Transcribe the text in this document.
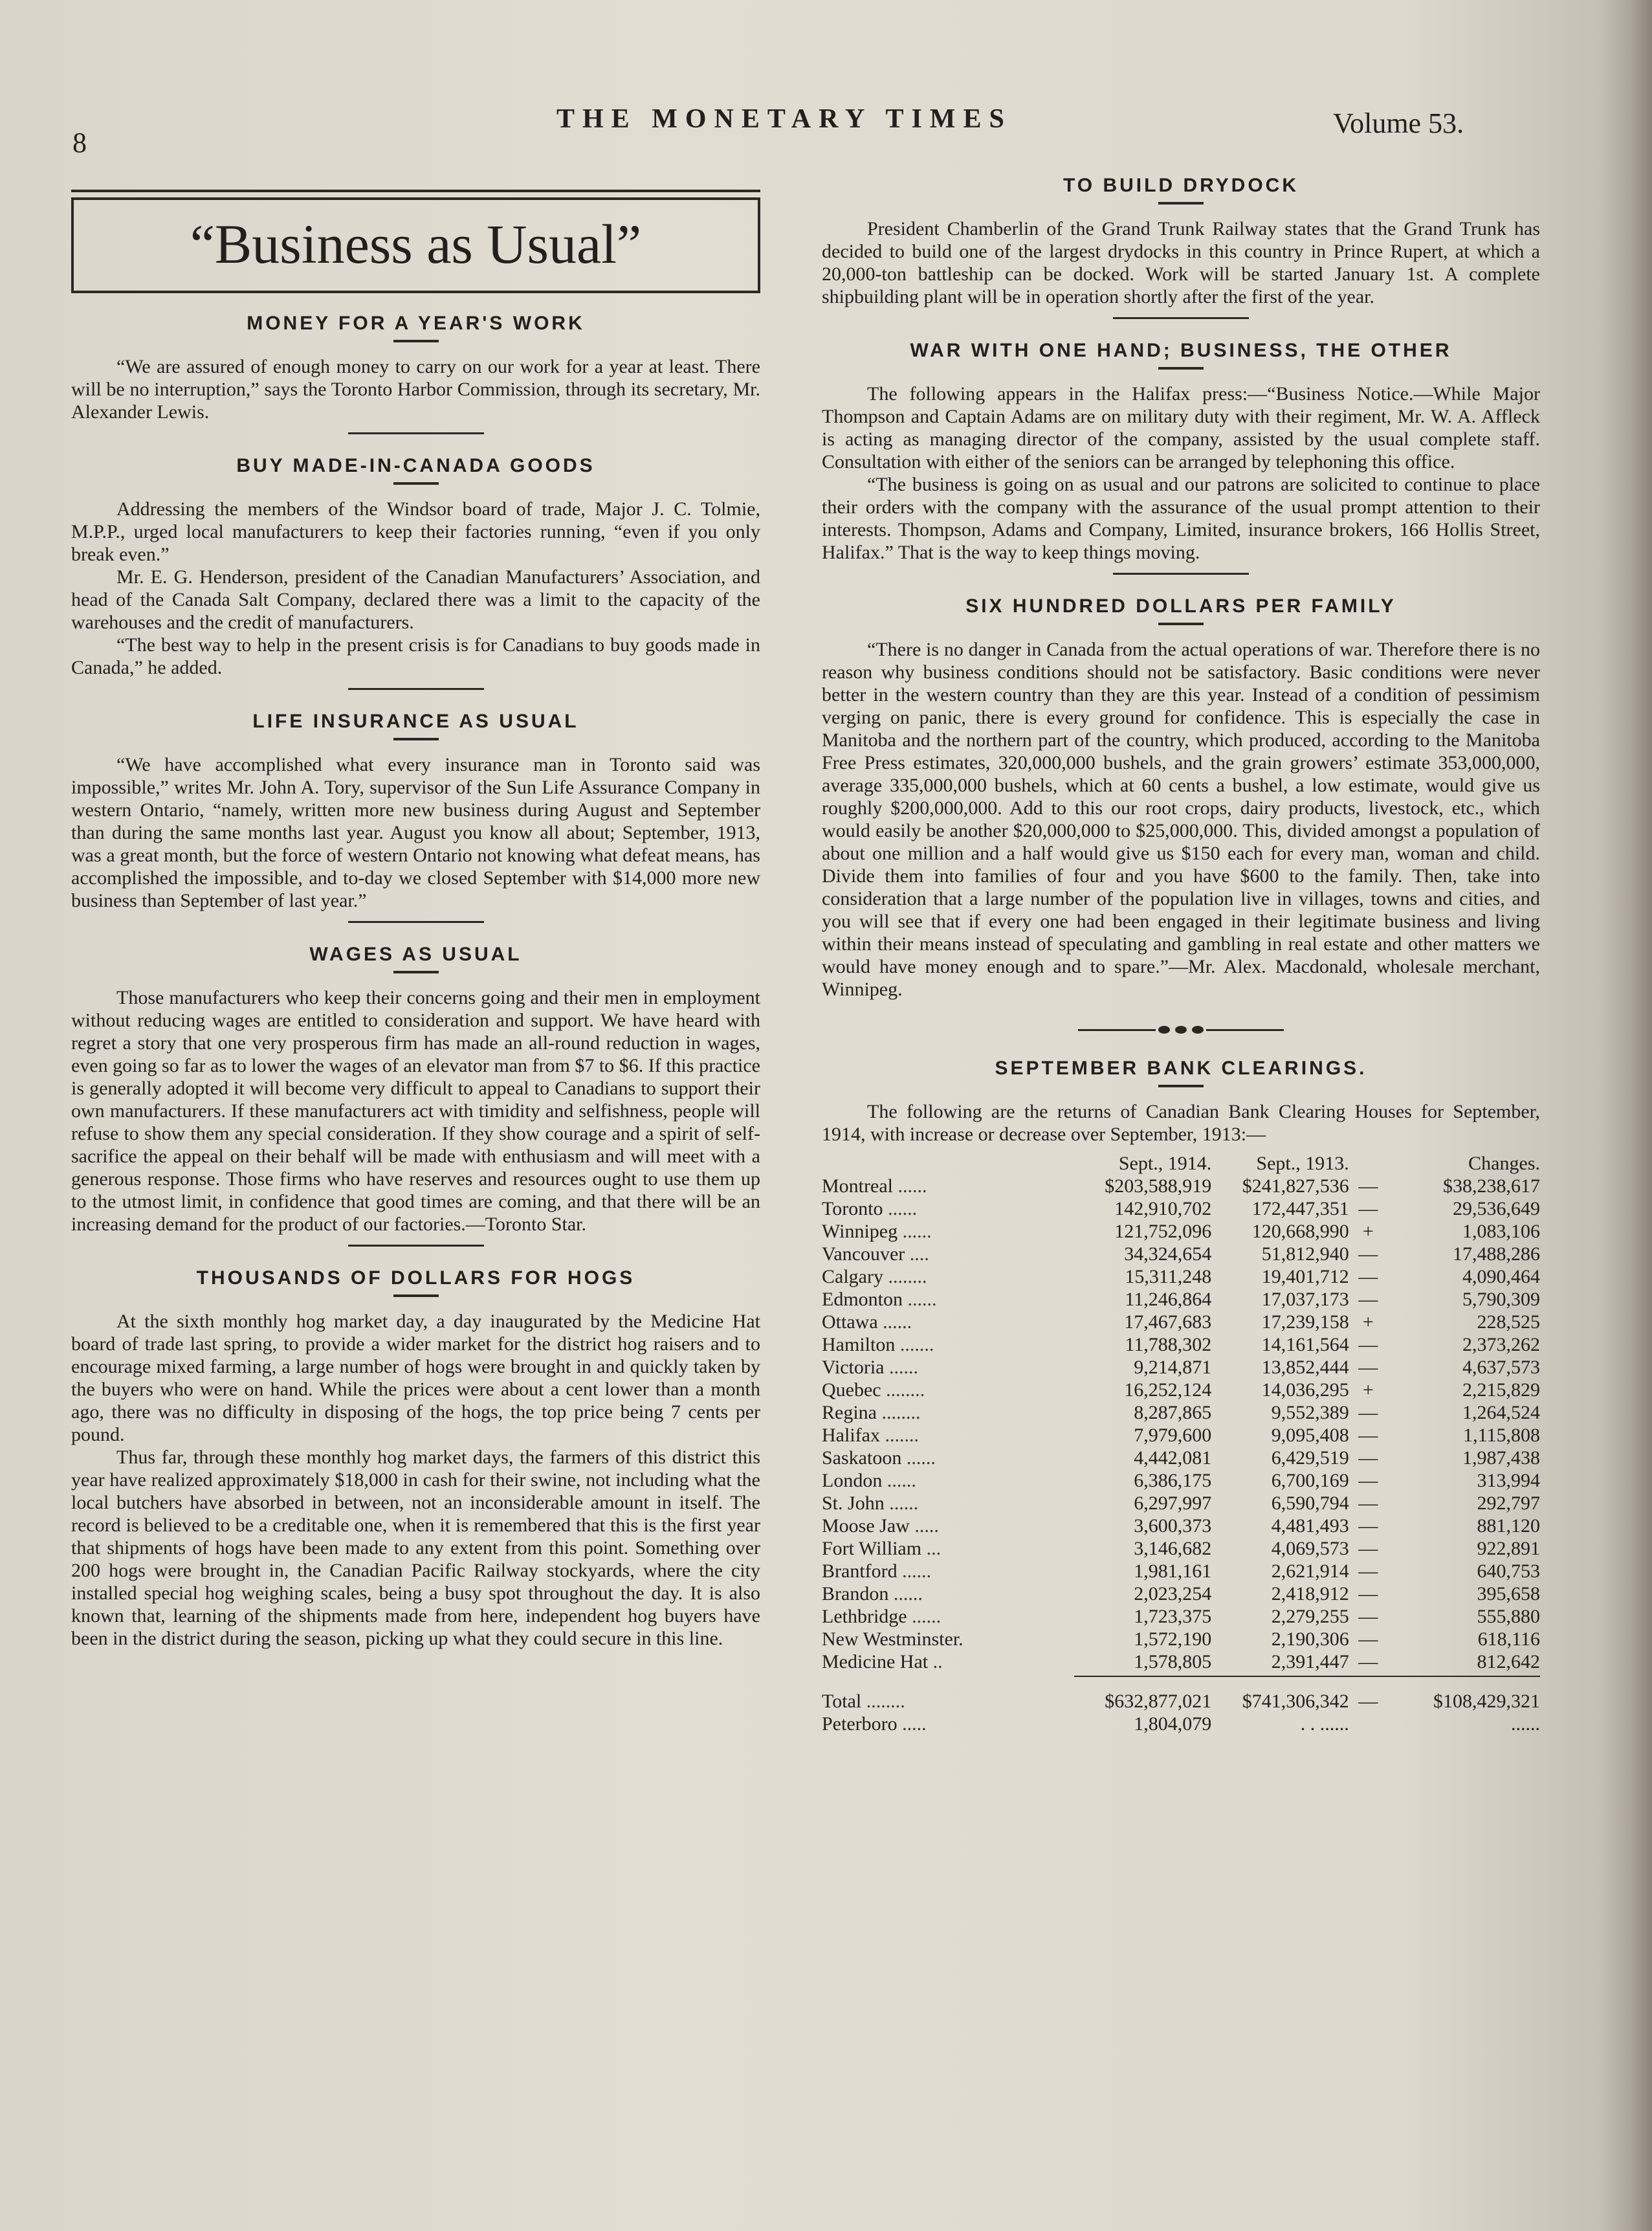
8
THE MONETARY TIMES	Volume 53.
“Business as Usual”
MONEY FOR A YEAR'S WORK

“We are assured of enough money to carry on our work for a year at least. There will be no interruption,” says the Toronto Harbor Commission, through its secretary, Mr. Alexander Lewis.

BUY MADE-IN-CANADA GOODS

Addressing the members of the Windsor board of trade, Major J. C. Tolmie, M.P.P., urged local manufacturers to keep their factories running, “even if you only break even.”

Mr. E. G. Henderson, president of the Canadian Manufacturers’ Association, and head of the Canada Salt Company, declared there was a limit to the capacity of the warehouses and the credit of manufacturers.

“The best way to help in the present crisis is for Canadians to buy goods made in Canada,” he added.

LIFE INSURANCE AS USUAL

“We have accomplished what every insurance man in Toronto said was impossible,” writes Mr. John A. Tory, supervisor of the Sun Life Assurance Company in western Ontario, “namely, written more new business during August and September than during the same months last year. August you know all about; September, 1913, was a great month, but the force of western Ontario not knowing what defeat means, has accomplished the impossible, and to-day we closed September with $14,000 more new business than September of last year.”

WAGES AS USUAL

Those manufacturers who keep their concerns going and their men in employment without reducing wages are entitled to consideration and support. We have heard with regret a story that one very prosperous firm has made an all-round reduction in wages, even going so far as to lower the wages of an elevator man from $7 to $6. If this practice is generally adopted it will become very difficult to appeal to Canadians to support their own manufacturers. If these manufacturers act with timidity and selfishness, people will refuse to show them any special consideration. If they show courage and a spirit of self-sacrifice the appeal on their behalf will be made with enthusiasm and will meet with a generous response. Those firms who have reserves and resources ought to use them up to the utmost limit, in confidence that good times are coming, and that there will be an increasing demand for the product of our factories.—Toronto Star.

THOUSANDS OF DOLLARS FOR HOGS

At the sixth monthly hog market day, a day inaugurated by the Medicine Hat board of trade last spring, to provide a wider market for the district hog raisers and to encourage mixed farming, a large number of hogs were brought in and quickly taken by the buyers who were on hand. While the prices were about a cent lower than a month ago, there was no difficulty in disposing of the hogs, the top price being 7 cents per pound.

Thus far, through these monthly hog market days, the farmers of this district this year have realized approximately $18,000 in cash for their swine, not including what the local butchers have absorbed in between, not an inconsiderable amount in itself. The record is believed to be a creditable one, when it is remembered that this is the first year that shipments of hogs have been made to any extent from this point. Something over 200 hogs were brought in, the Canadian Pacific Railway stockyards, where the city installed special hog weighing scales, being a busy spot throughout the day. It is also known that, learning of the shipments made from here, independent hog buyers have been in the district during the season, picking up what they could secure in this line.

TO BUILD DRYDOCK

President Chamberlin of the Grand Trunk Railway states that the Grand Trunk has decided to build one of the largest drydocks in this country in Prince Rupert, at which a 20,000-ton battleship can be docked. Work will be started January 1st. A complete shipbuilding plant will be in operation shortly after the first of the year.

WAR WITH ONE HAND; BUSINESS, THE OTHER

The following appears in the Halifax press:—“Business Notice.—While Major Thompson and Captain Adams are on military duty with their regiment, Mr. W. A. Affleck is acting as managing director of the company, assisted by the usual complete staff. Consultation with either of the seniors can be arranged by telephoning this office.

“The business is going on as usual and our patrons are solicited to continue to place their orders with the company with the assurance of the usual prompt attention to their interests. Thompson, Adams and Company, Limited, insurance brokers, 166 Hollis Street, Halifax.” That is the way to keep things moving.

SIX HUNDRED DOLLARS PER FAMILY

“There is no danger in Canada from the actual operations of war. Therefore there is no reason why business conditions should not be satisfactory. Basic conditions were never better in the western country than they are this year. Instead of a condition of pessimism verging on panic, there is every ground for confidence. This is especially the case in Manitoba and the northern part of the country, which produced, according to the Manitoba Free Press estimates, 320,000,000 bushels, and the grain growers’ estimate 353,000,000, average 335,000,000 bushels, which at 60 cents a bushel, a low estimate, would give us roughly $200,000,000. Add to this our root crops, dairy products, livestock, etc., which would easily be another $20,000,000 to $25,000,000. This, divided amongst a population of about one million and a half would give us $150 each for every man, woman and child. Divide them into families of four and you have $600 to the family. Then, take into consideration that a large number of the population live in villages, towns and cities, and you will see that if every one had been engaged in their legitimate business and living within their means instead of speculating and gambling in real estate and other matters we would have money enough and to spare.”—Mr. Alex. Macdonald, wholesale merchant, Winnipeg.

SEPTEMBER BANK CLEARINGS.

The following are the returns of Canadian Bank Clearing Houses for September, 1914, with increase or decrease over September, 1913:—

	Sept., 1914.	Sept., 1913.		Changes.
Montreal ......	$203,588,919	$241,827,536	—	$38,238,617
Toronto ......	142,910,702	172,447,351	—	29,536,649
Winnipeg ......	121,752,096	120,668,990	+	1,083,106
Vancouver ....	34,324,654	51,812,940	—	17,488,286
Calgary ........	15,311,248	19,401,712	—	4,090,464
Edmonton ......	11,246,864	17,037,173	—	5,790,309
Ottawa ......	17,467,683	17,239,158	+	228,525
Hamilton .......	11,788,302	14,161,564	—	2,373,262
Victoria ......	9,214,871	13,852,444	—	4,637,573
Quebec ........	16,252,124	14,036,295	+	2,215,829
Regina ........	8,287,865	9,552,389	—	1,264,524
Halifax .......	7,979,600	9,095,408	—	1,115,808
Saskatoon ......	4,442,081	6,429,519	—	1,987,438
London ......	6,386,175	6,700,169	—	313,994
St. John ......	6,297,997	6,590,794	—	292,797
Moose Jaw .....	3,600,373	4,481,493	—	881,120
Fort William ...	3,146,682	4,069,573	—	922,891
Brantford ......	1,981,161	2,621,914	—	640,753
Brandon ......	2,023,254	2,418,912	—	395,658
Lethbridge ......	1,723,375	2,279,255	—	555,880
New Westminster.	1,572,190	2,190,306	—	618,116
Medicine Hat ..	1,578,805	2,391,447	—	812,642

Total ........	$632,877,021	$741,306,342	—	$108,429,321
Peterboro .....	1,804,079	. . ......		......
